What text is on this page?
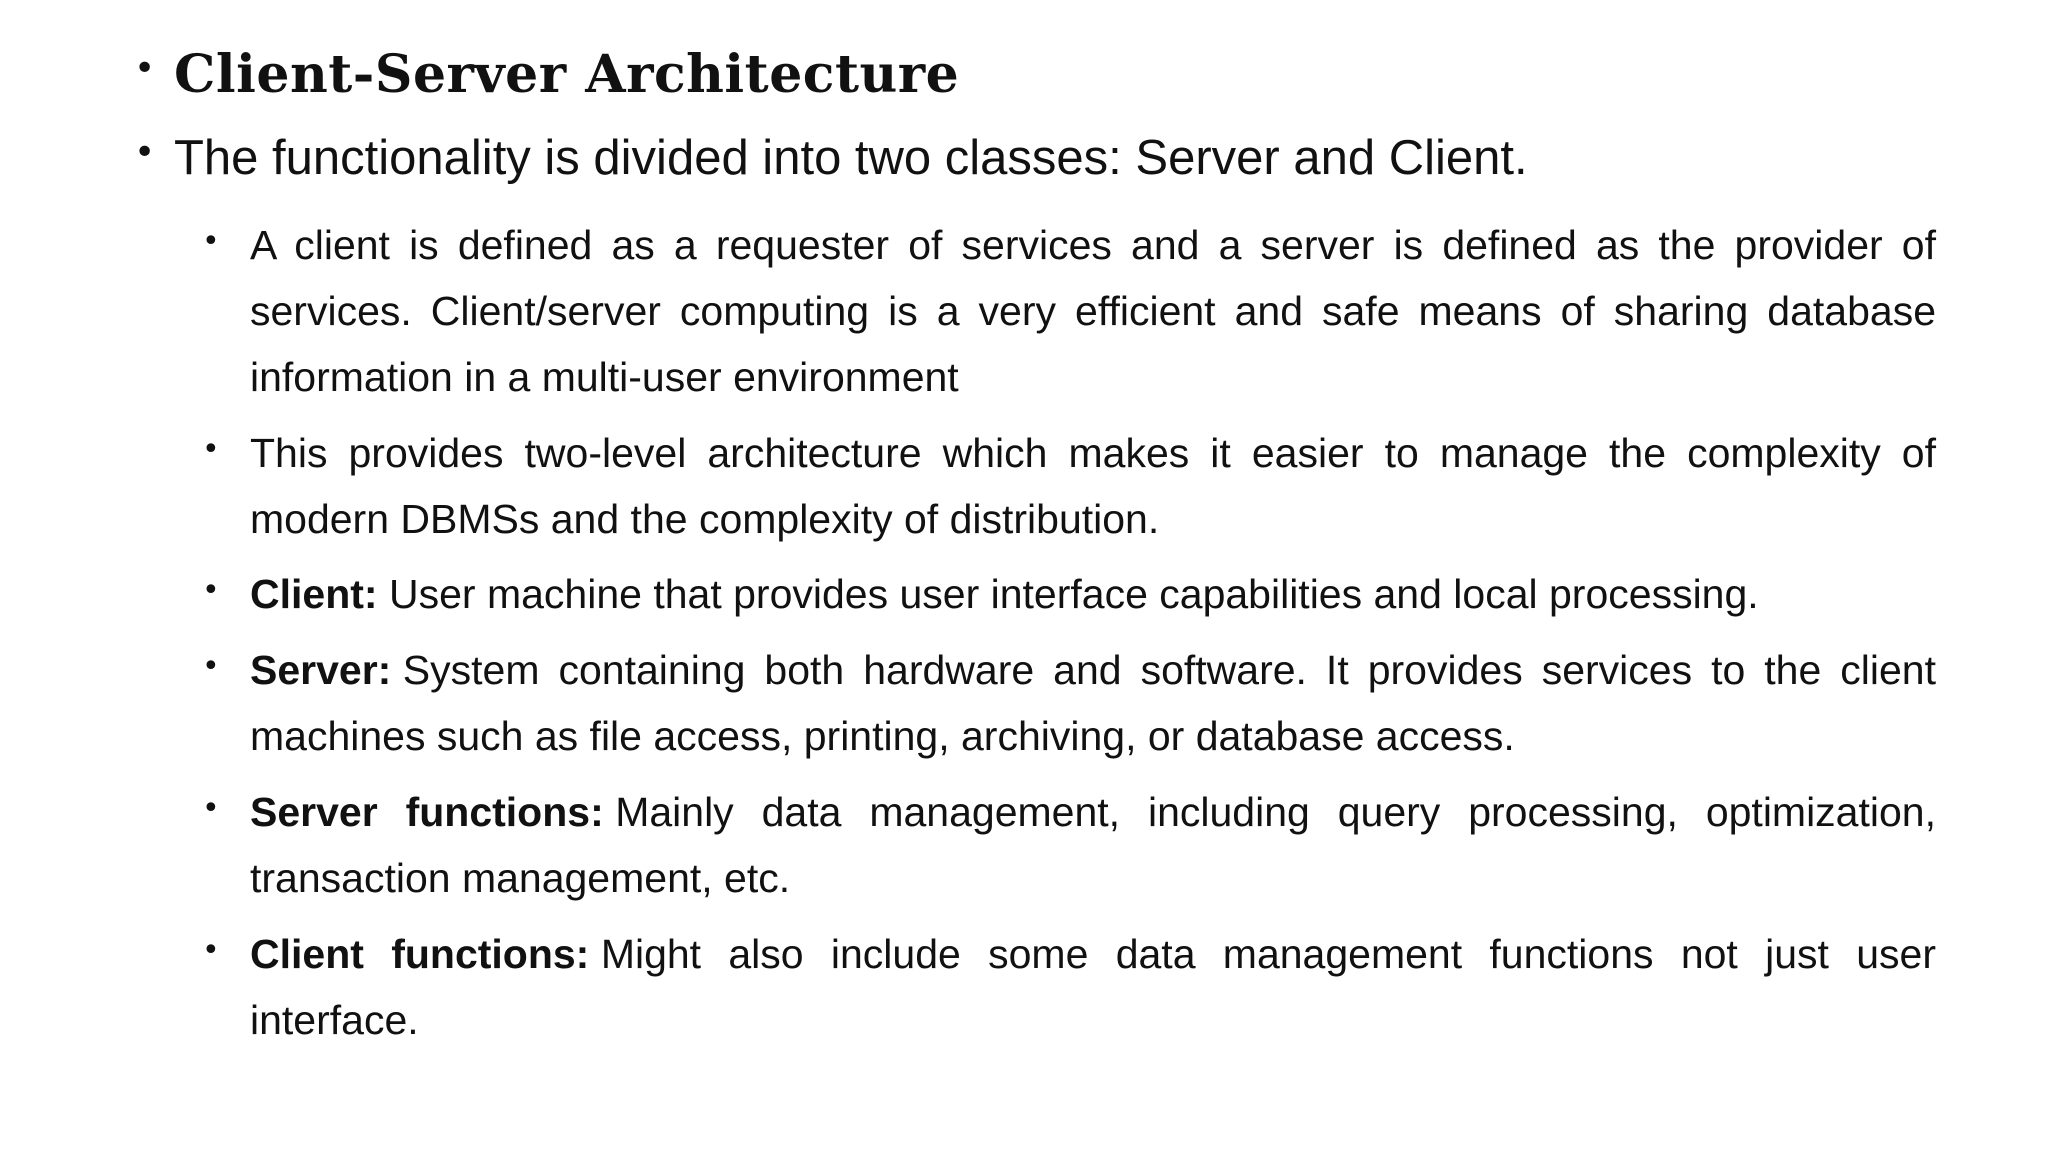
• Client-Server Architecture
• The functionality is divided into two classes: Server and Client.
• A client is defined as a requester of services and a server is defined as the provider of services. Client/server computing is a very efficient and safe means of sharing database information in a multi-user environment
• This provides two-level architecture which makes it easier to manage the complexity of modern DBMSs and the complexity of distribution.
• Client: User machine that provides user interface capabilities and local processing.
• Server: System containing both hardware and software. It provides services to the client machines such as file access, printing, archiving, or database access.
• Server functions: Mainly data management, including query processing, optimization, transaction management, etc.
• Client functions: Might also include some data management functions not just user interface.
